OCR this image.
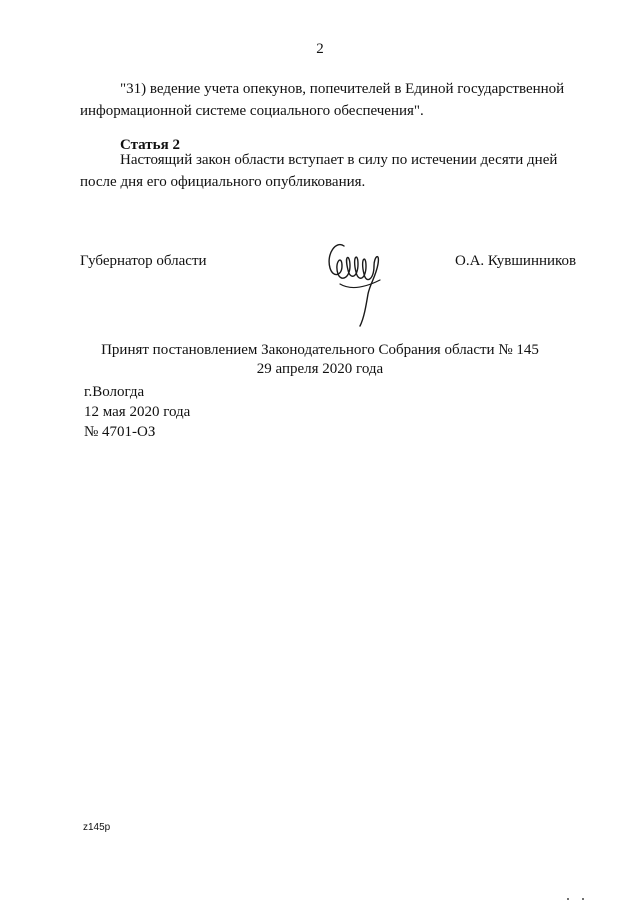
2
"31) ведение учета опекунов, попечителей в Единой государственной
информационной системе социального обеспечения".
Статья 2
Настоящий закон области вступает в силу по истечении десяти дней
после дня его официального опубликования.
Губернатор области	О.А. Кувшинников
Принят постановлением Законодательного Собрания области № 145
29 апреля 2020 года
г.Вологда
12 мая 2020 года
№ 4701-ОЗ
z145p
